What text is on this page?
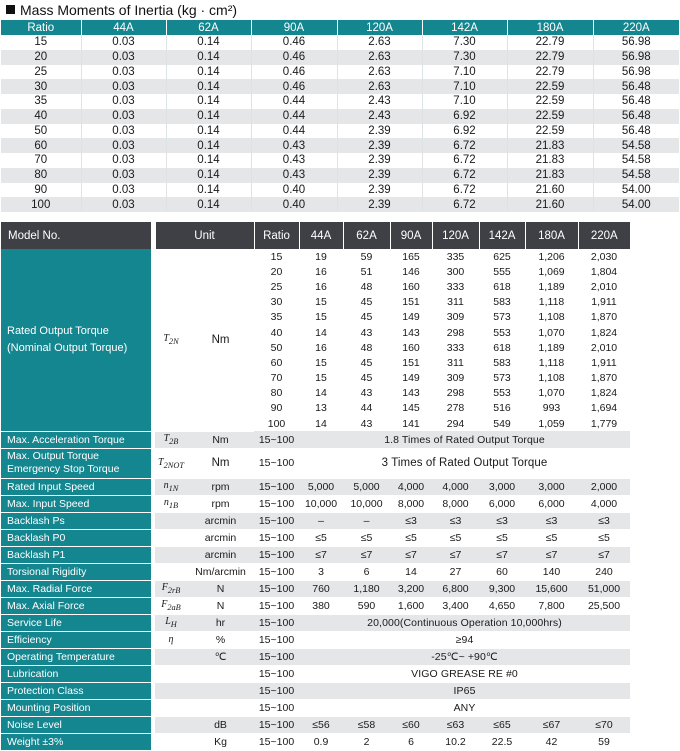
Mass Moments of Inertia (kg · cm²)
Ratio	44A	62A	90A	120A	142A	180A	220A
15	0.03	0.14	0.46	2.63	7.30	22.79	56.98
20	0.03	0.14	0.46	2.63	7.30	22.79	56.98
25	0.03	0.14	0.46	2.63	7.10	22.79	56.98
30	0.03	0.14	0.46	2.63	7.10	22.59	56.48
35	0.03	0.14	0.44	2.43	7.10	22.59	56.48
40	0.03	0.14	0.44	2.43	6.92	22.59	56.48
50	0.03	0.14	0.44	2.39	6.92	22.59	56.48
60	0.03	0.14	0.43	2.39	6.72	21.83	54.58
70	0.03	0.14	0.43	2.39	6.72	21.83	54.58
80	0.03	0.14	0.43	2.39	6.72	21.83	54.58
90	0.03	0.14	0.40	2.39	6.72	21.60	54.00
100	0.03	0.14	0.40	2.39	6.72	21.60	54.00
Model No.		Unit		Ratio	44A	62A	90A	120A	142A	180A	220A

Rated Output Torque
(Nominal Output Torque)		$T_{2N}$	Nm	15	19	59	165	335	625	1,206	2,030
				20	16	51	146	300	555	1,069	1,804
				25	16	48	160	333	618	1,189	2,010
				30	15	45	151	311	583	1,118	1,911
				35	15	45	149	309	573	1,108	1,870
				40	14	43	143	298	553	1,070	1,824
				50	16	48	160	333	618	1,189	2,010
				60	15	45	151	311	583	1,118	1,911
				70	15	45	149	309	573	1,108	1,870
				80	14	43	143	298	553	1,070	1,824
				90	13	44	145	278	516	993	1,694
				100	14	43	141	294	549	1,059	1,779
Max. Acceleration Torque		$T_{2B}$	Nm	15~100	1.8 Times of Rated Output Torque						

Max. Output Torque
Emergency Stop Torque		$T_{2NOT}$	Nm	15~100	3 Times of Rated Output Torque						
Rated Input Speed		$n_{1N}$	rpm	15~100	5,000	5,000	4,000	4,000	3,000	3,000	2,000
Max. Input Speed		$n_{1B}$	rpm	15~100	10,000	10,000	8,000	8,000	6,000	6,000	4,000
Backlash Ps			arcmin	15~100	–	–	≤3	≤3	≤3	≤3	≤3
Backlash P0			arcmin	15~100	≤5	≤5	≤5	≤5	≤5	≤5	≤5
Backlash P1			arcmin	15~100	≤7	≤7	≤7	≤7	≤7	≤7	≤7
Torsional Rigidity			Nm/arcmin	15~100	3	6	14	27	60	140	240
Max. Radial Force		$F_{2rB}$	N	15~100	760	1,180	3,200	6,800	9,300	15,600	51,000
Max. Axial Force		$F_{2aB}$	N	15~100	380	590	1,600	3,400	4,650	7,800	25,500
Service Life		$L_H$	hr	15~100	20,000(Continuous Operation 10,000hrs)						
Efficiency		η	%	15~100	≥94						
Operating Temperature			℃	15~100	-25℃~ +90℃						
Lubrication				15~100	VIGO GREASE RE #0						
Protection Class				15~100	IP65						
Mounting Position				15~100	ANY						
Noise Level			dB	15~100	≤56	≤58	≤60	≤63	≤65	≤67	≤70
Weight ±3%			Kg	15~100	0.9	2	6	10.2	22.5	42	59
